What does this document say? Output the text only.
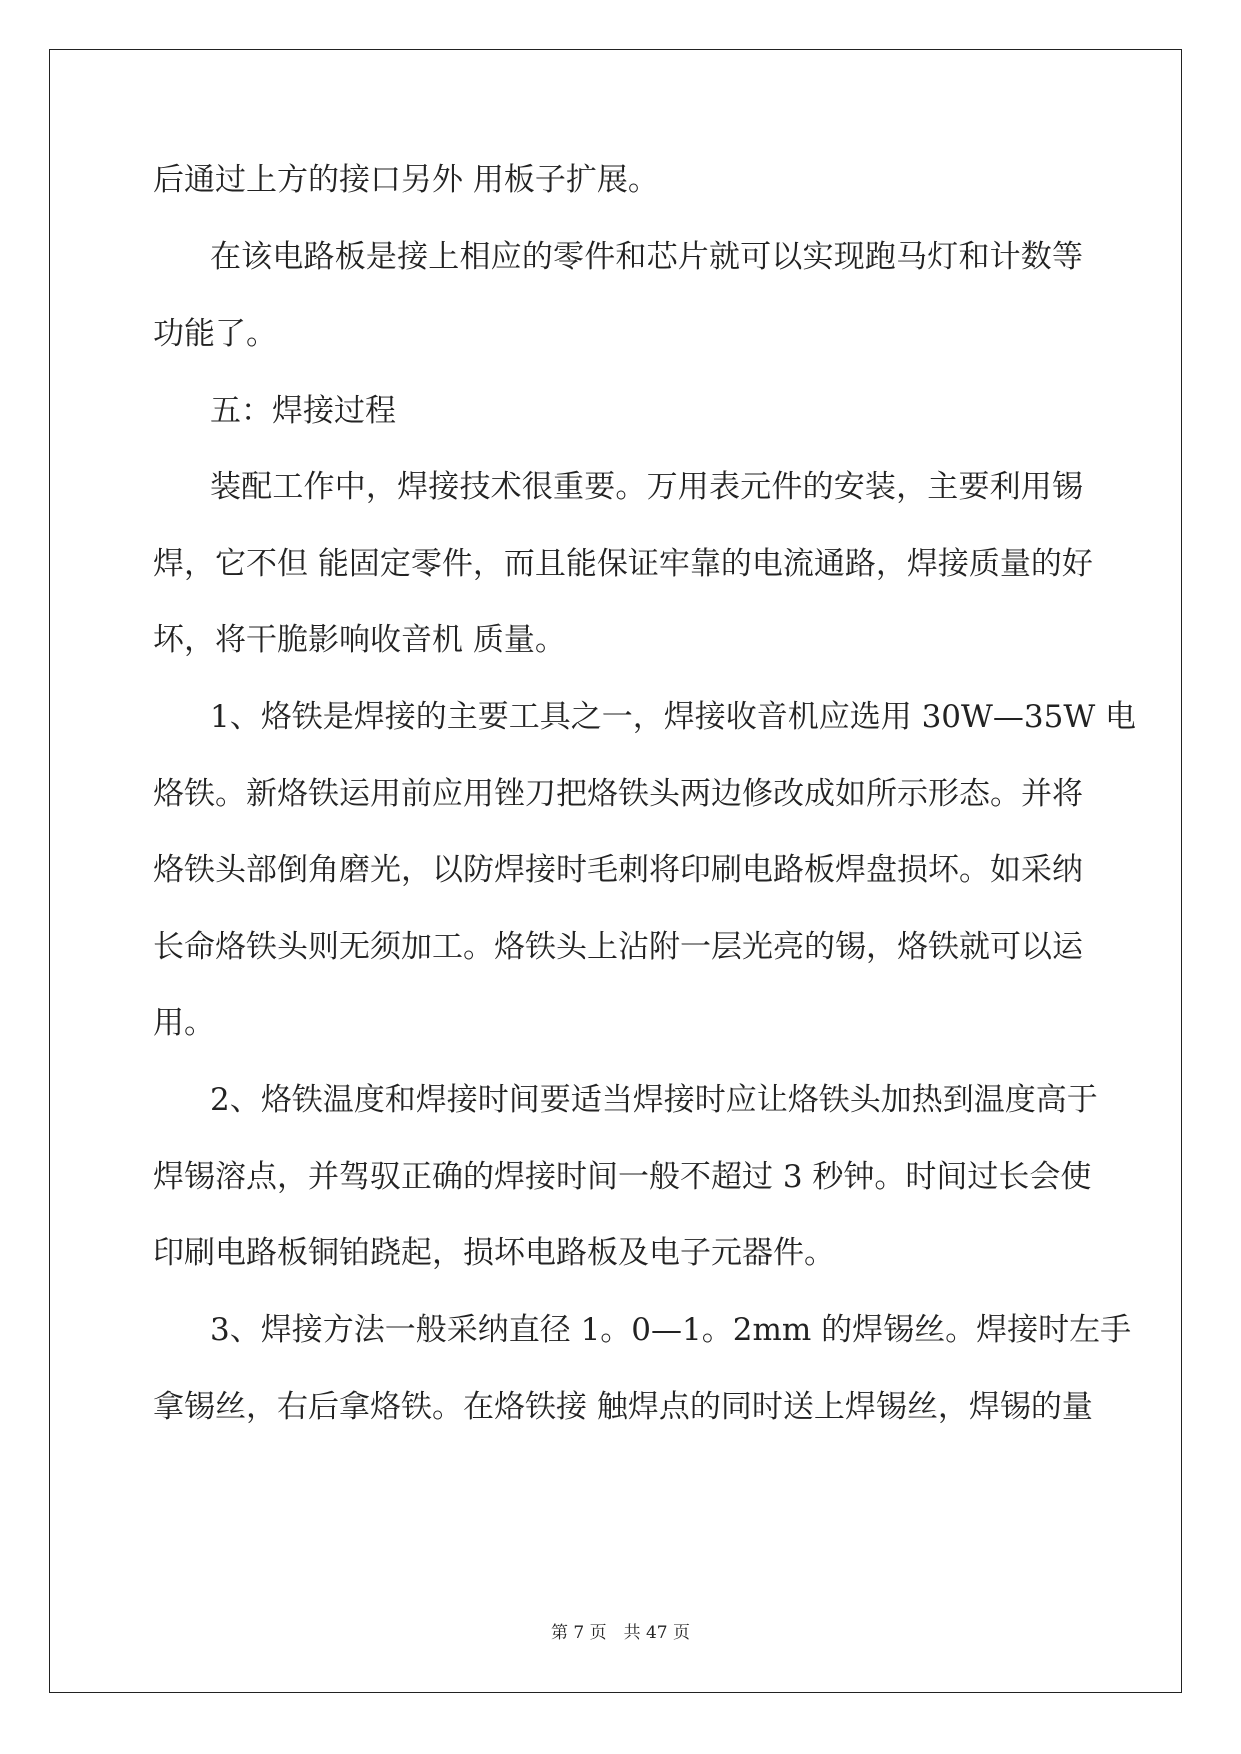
后通过上方的接口另外 用板子扩展。
在该电路板是接上相应的零件和芯片就可以实现跑马灯和计数等
功能了。
五：焊接过程
装配工作中，焊接技术很重要。万用表元件的安装，主要利用锡
焊，它不但 能固定零件，而且能保证牢靠的电流通路，焊接质量的好
坏，将干脆影响收音机 质量。
1、烙铁是焊接的主要工具之一，焊接收音机应选用 30W—35W 电
烙铁。新烙铁运用前应用锉刀把烙铁头两边修改成如所示形态。并将
烙铁头部倒角磨光，以防焊接时毛刺将印刷电路板焊盘损坏。如采纳
长命烙铁头则无须加工。烙铁头上沾附一层光亮的锡，烙铁就可以运
用。
2、烙铁温度和焊接时间要适当焊接时应让烙铁头加热到温度高于
焊锡溶点，并驾驭正确的焊接时间一般不超过 3 秒钟。时间过长会使
印刷电路板铜铂跷起，损坏电路板及电子元器件。
3、焊接方法一般采纳直径 1。0—1。2mm 的焊锡丝。焊接时左手
拿锡丝，右后拿烙铁。在烙铁接 触焊点的同时送上焊锡丝，焊锡的量
第 7 页　共 47 页
